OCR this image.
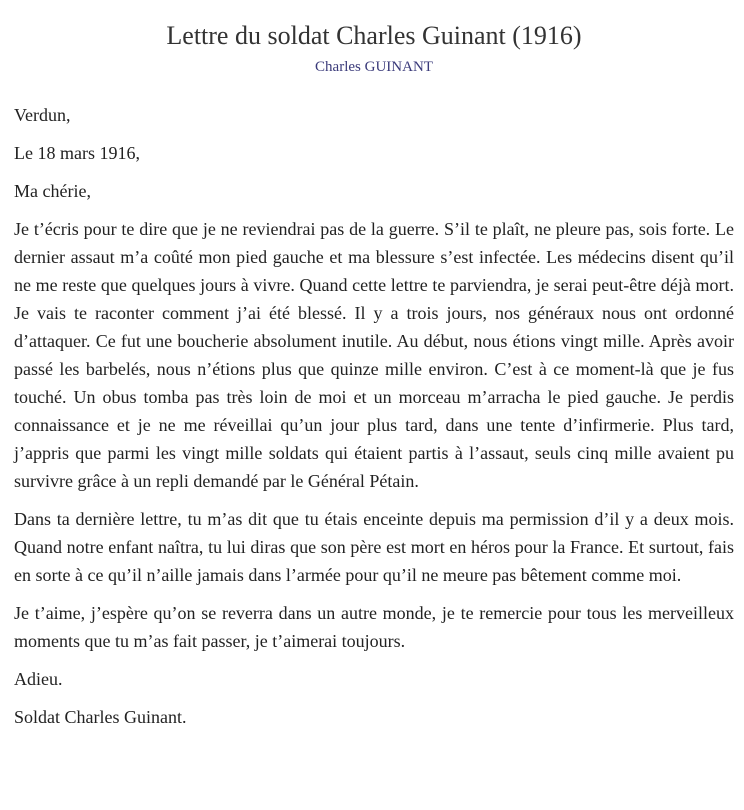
Lettre du soldat Charles Guinant (1916)
Charles GUINANT

Verdun,

Le 18 mars 1916,

Ma chérie,

Je t’écris pour te dire que je ne reviendrai pas de la guerre. S’il te plaît, ne pleure pas, sois forte. Le dernier assaut m’a coûté mon pied gauche et ma blessure s’est infectée. Les médecins disent qu’il ne me reste que quelques jours à vivre. Quand cette lettre te parviendra, je serai peut-être déjà mort. Je vais te raconter comment j’ai été blessé. Il y a trois jours, nos généraux nous ont ordonné d’attaquer. Ce fut une boucherie absolument inutile. Au début, nous étions vingt mille. Après avoir passé les barbelés, nous n’étions plus que quinze mille environ. C’est à ce moment-là que je fus touché. Un obus tomba pas très loin de moi et un morceau m’arracha le pied gauche. Je perdis connaissance et je ne me réveillai qu’un jour plus tard, dans une tente d’infirmerie. Plus tard, j’appris que parmi les vingt mille soldats qui étaient partis à l’assaut, seuls cinq mille avaient pu survivre grâce à un repli demandé par le Général Pétain.

Dans ta dernière lettre, tu m’as dit que tu étais enceinte depuis ma permission d’il y a deux mois. Quand notre enfant naîtra, tu lui diras que son père est mort en héros pour la France. Et surtout, fais en sorte à ce qu’il n’aille jamais dans l’armée pour qu’il ne meure pas bêtement comme moi.

Je t’aime, j’espère qu’on se reverra dans un autre monde, je te remercie pour tous les merveilleux moments que tu m’as fait passer, je t’aimerai toujours.

Adieu.

Soldat Charles Guinant.
